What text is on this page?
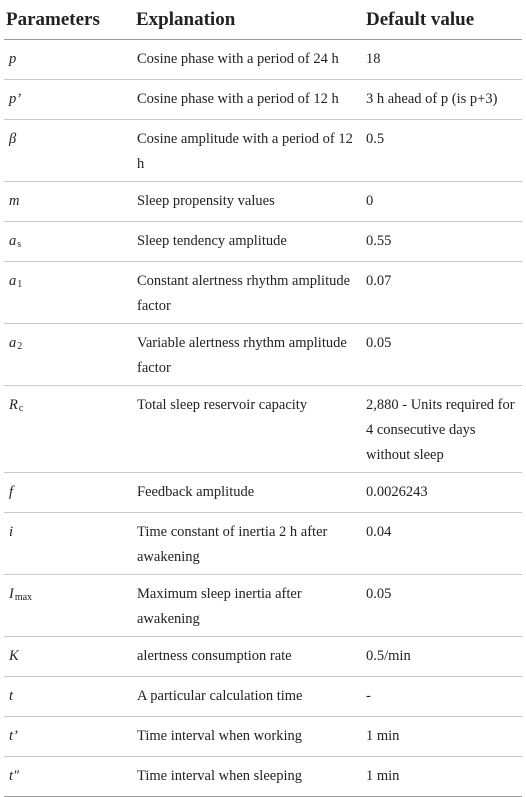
Parameters	Explanation	Default value
p	Cosine phase with a period of 24 h	18
p’	Cosine phase with a period of 12 h	3 h ahead of p (is p+3)
β	Cosine amplitude with a period of 12 h	0.5
m	Sleep propensity values	0
$a_s$	Sleep tendency amplitude	0.55
$a_1$	Constant alertness rhythm amplitude factor	0.07
$a_2$	Variable alertness rhythm amplitude factor	0.05
$R_c$	Total sleep reservoir capacity	2,880 - Units required for 4 consecutive days without sleep
f	Feedback amplitude	0.0026243
i	Time constant of inertia 2 h after awakening	0.04
$I_{max}$	Maximum sleep inertia after awakening	0.05
K	alertness consumption rate	0.5/min
t	A particular calculation time	-
t’	Time interval when working	1 min
t″	Time interval when sleeping	1 min
